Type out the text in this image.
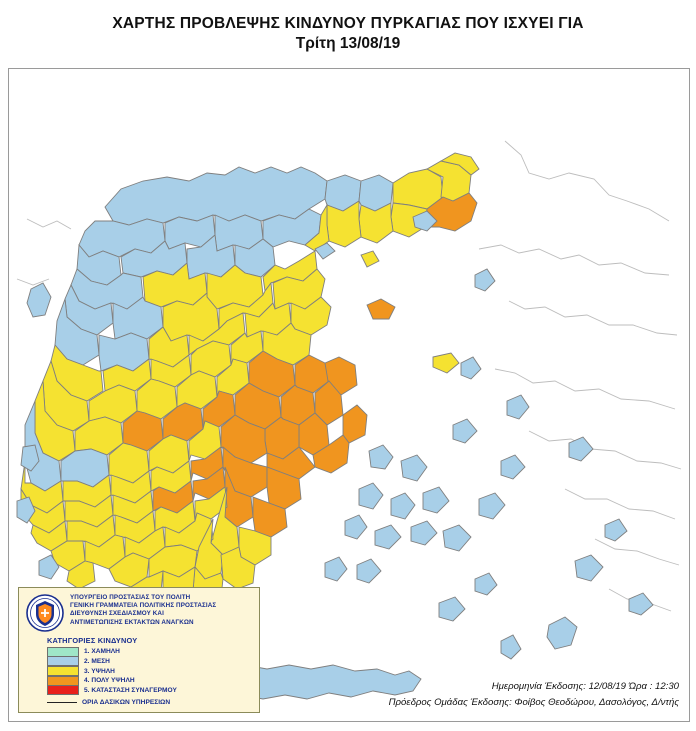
ΧΑΡΤΗΣ ΠΡΟΒΛΕΨΗΣ ΚΙΝΔΥΝΟΥ ΠΥΡΚΑΓΙΑΣ ΠΟΥ ΙΣΧΥΕΙ ΓΙΑ
Τρίτη 13/08/19
ΥΠΟΥΡΓΕΙΟ ΠΡΟΣΤΑΣΙΑΣ ΤΟΥ ΠΟΛΙΤΗ
ΓΕΝΙΚΗ ΓΡΑΜΜΑΤΕΙΑ ΠΟΛΙΤΙΚΗΣ ΠΡΟΣΤΑΣΙΑΣ
ΔΙΕΥΘΥΝΣΗ ΣΧΕΔΙΑΣΜΟΥ ΚΑΙ
ΑΝΤΙΜΕΤΩΠΙΣΗΣ ΕΚΤΑΚΤΩΝ ΑΝΑΓΚΩΝ
ΚΑΤΗΓΟΡΙΕΣ ΚΙΝΔΥΝΟΥ
1. ΧΑΜΗΛΗ
2. ΜΕΣΗ
3. ΥΨΗΛΗ
4. ΠΟΛΥ ΥΨΗΛΗ
5. ΚΑΤΑΣΤΑΣΗ ΣΥΝΑΓΕΡΜΟΥ
ΟΡΙΑ ΔΑΣΙΚΩΝ ΥΠΗΡΕΣΙΩΝ
Ημερομηνία Έκδοσης: 12/08/19 Ώρα : 12:30
Πρόεδρος Ομάδας Έκδοσης: Φοίβος Θεοδώρου, Δασολόγος, Δ/ντής
